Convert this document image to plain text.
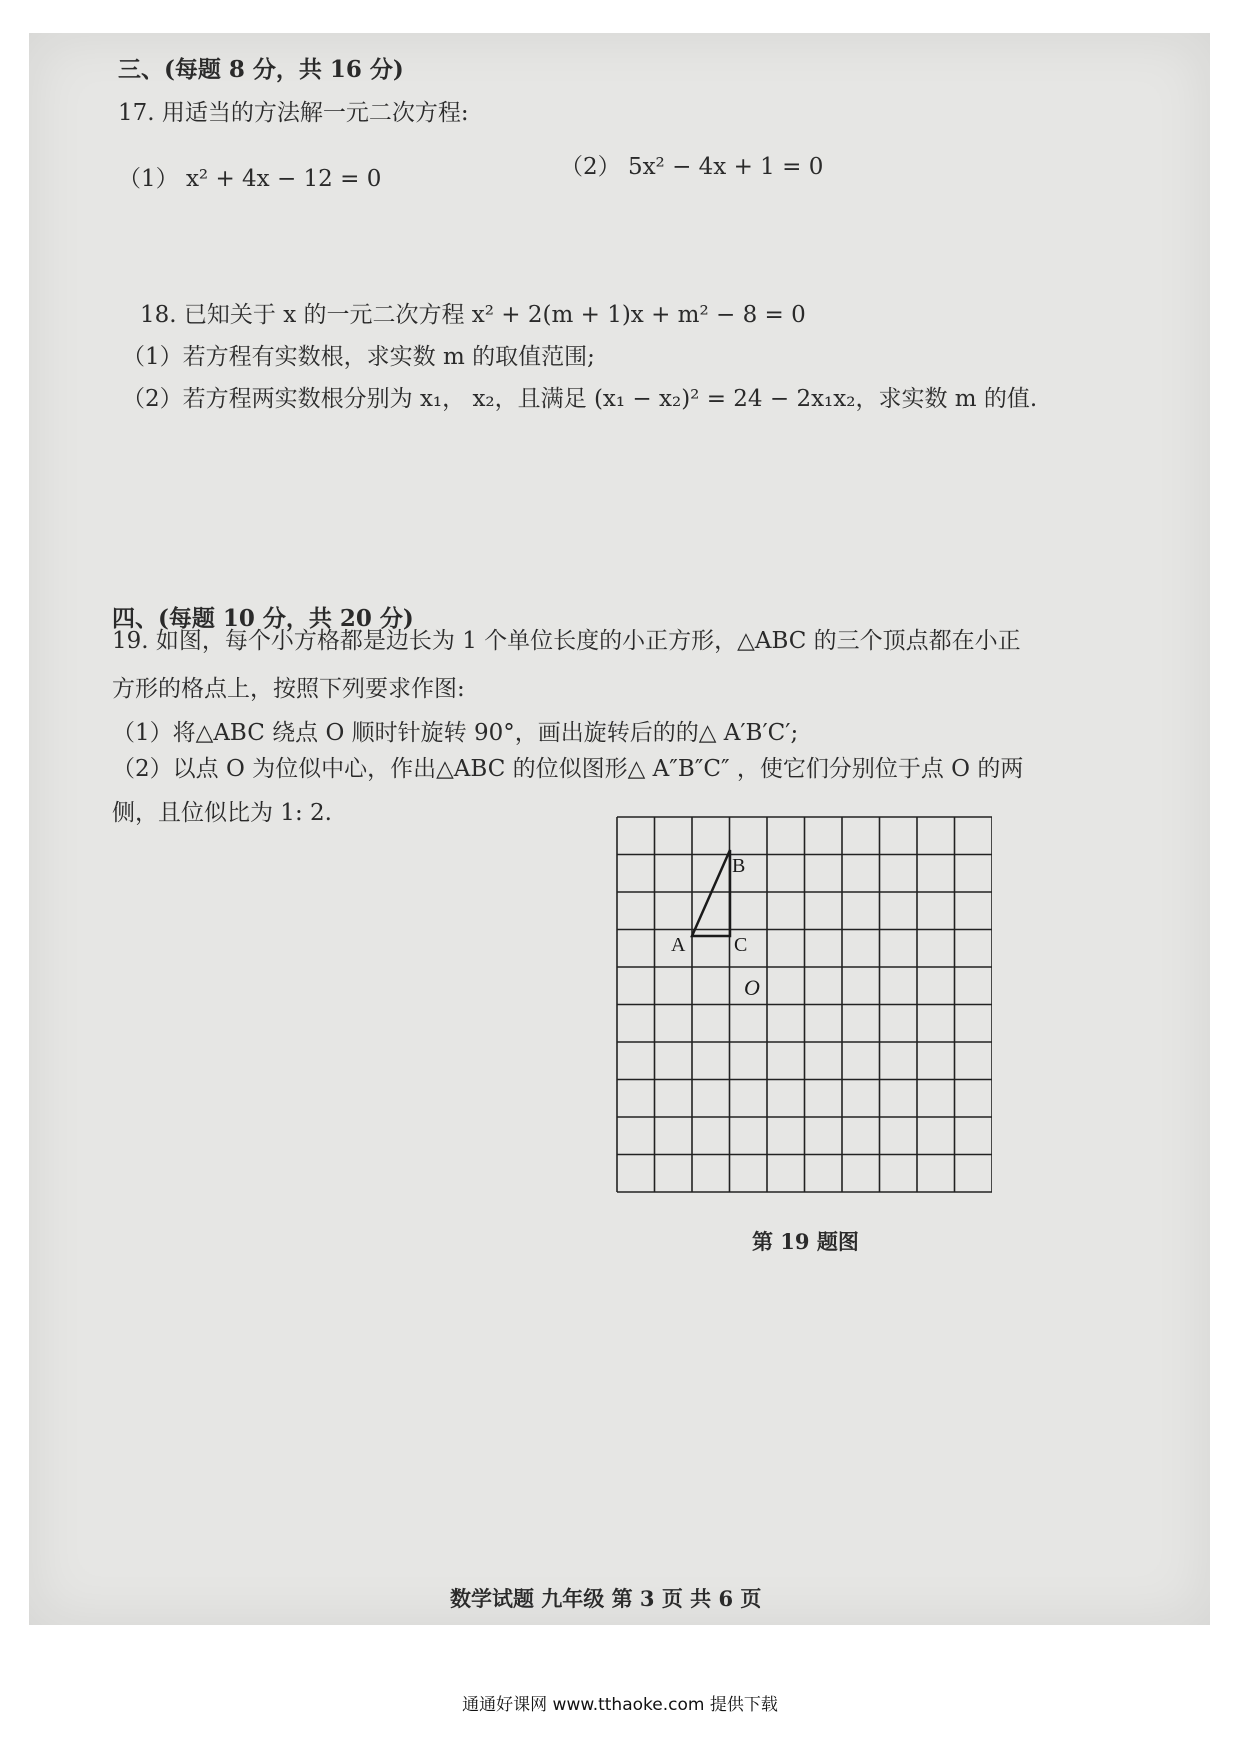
三、(每题 8 分，共 16 分)
17. 用适当的方法解一元二次方程:
（1） x² + 4x − 12 = 0	（2） 5x² − 4x + 1 = 0
18. 已知关于 x 的一元二次方程 x² + 2(m + 1)x + m² − 8 = 0
（1）若方程有实数根，求实数 m 的取值范围;
（2）若方程两实数根分别为 x₁， x₂，且满足 (x₁ − x₂)² = 24 − 2x₁x₂，求实数 m 的值.
四、(每题 10 分，共 20 分)
19. 如图，每个小方格都是边长为 1 个单位长度的小正方形，△ABC 的三个顶点都在小正
方形的格点上，按照下列要求作图:
（1）将△ABC 绕点 O 顺时针旋转 90°，画出旋转后的的△ A′B′C′;
（2）以点 O 为位似中心，作出△ABC 的位似图形△ A″B″C″ ，使它们分别位于点 O 的两
侧，且位似比为 1: 2.
A
B
C
O
第 19 题图
数学试题 九年级 第 3 页 共 6 页
通通好课网 www.tthaoke.com 提供下载
